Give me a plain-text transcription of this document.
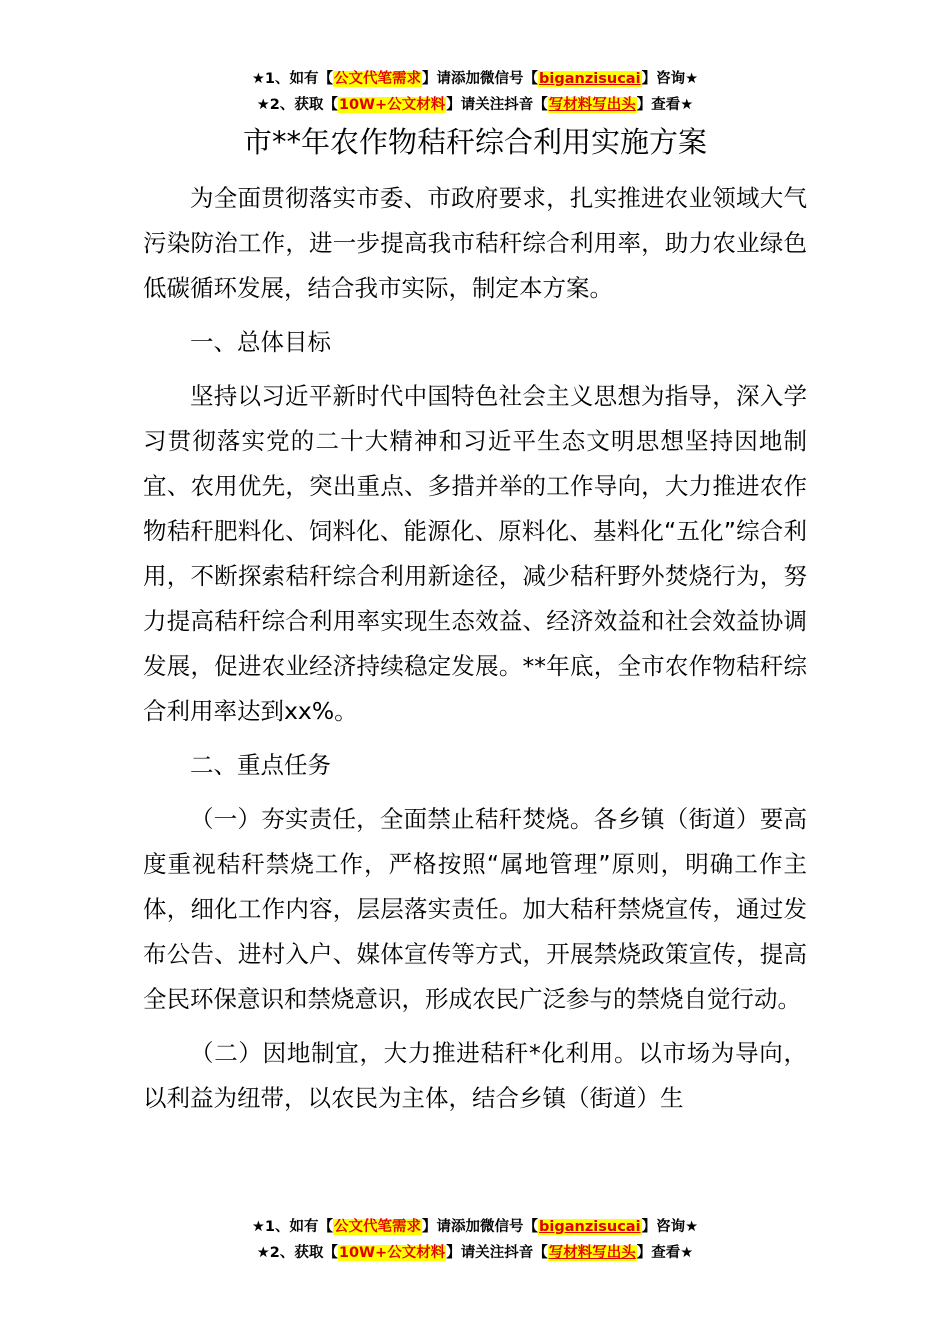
★1、如有【公文代笔需求】请添加微信号【biganzisucai】咨询★
★2、获取【10W+公文材料】请关注抖音【写材料写出头】查看★
市**年农作物秸秆综合利用实施方案

为全面贯彻落实市委、市政府要求，扎实推进农业领域大气污染防治工作，进一步提高我市秸秆综合利用率，助力农业绿色低碳循环发展，结合我市实际，制定本方案。

一、总体目标

坚持以习近平新时代中国特色社会主义思想为指导，深入学习贯彻落实党的二十大精神和习近平生态文明思想坚持因地制宜、农用优先，突出重点、多措并举的工作导向，大力推进农作物秸秆肥料化、饲料化、能源化、原料化、基料化“五化”综合利用，不断探索秸秆综合利用新途径，减少秸秆野外焚烧行为，努力提高秸秆综合利用率实现生态效益、经济效益和社会效益协调发展，促进农业经济持续稳定发展。**年底，全市农作物秸秆综合利用率达到xx%。

二、重点任务

（一）夯实责任，全面禁止秸秆焚烧。各乡镇（街道）要高度重视秸秆禁烧工作，严格按照“属地管理”原则，明确工作主体，细化工作内容，层层落实责任。加大秸秆禁烧宣传，通过发布公告、进村入户、媒体宣传等方式，开展禁烧政策宣传，提高全民环保意识和禁烧意识，形成农民广泛参与的禁烧自觉行动。

（二）因地制宜，大力推进秸秆*化利用。以市场为导向，以利益为纽带，以农民为主体，结合乡镇（街道）生

★1、如有【公文代笔需求】请添加微信号【biganzisucai】咨询★
★2、获取【10W+公文材料】请关注抖音【写材料写出头】查看★
